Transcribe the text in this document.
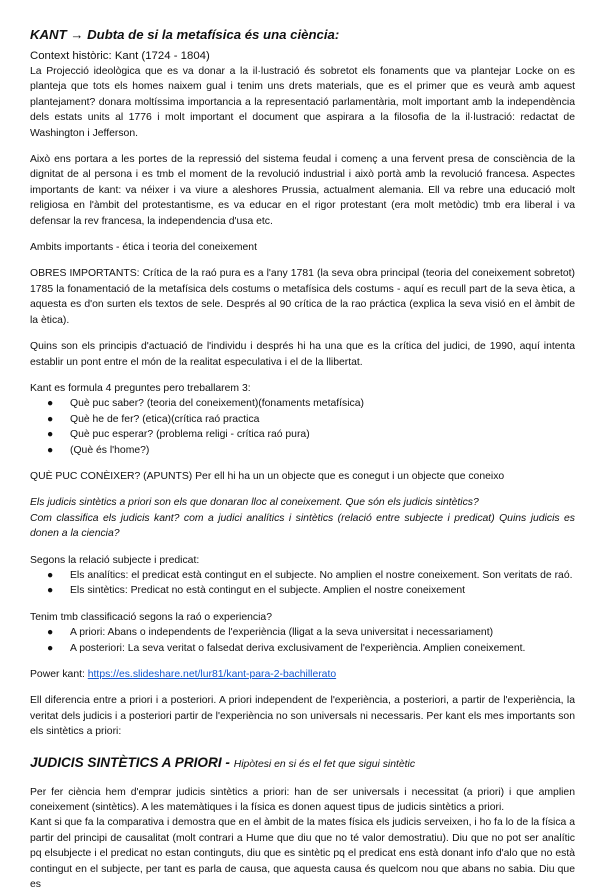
KANT → Dubta de si la metafísica és una ciència:

Context històric: Kant (1724 - 1804)

La Projecció ideològica que es va donar a la il·lustració és sobretot els fonaments que va plantejar Locke on es planteja que tots els homes naixem gual i tenim uns drets materials, que es el primer que es veurà amb aquest plantejament? donara moltíssima importancia a la representació parlamentària, molt important amb la independència dels estats units al 1776 i molt important el document que aspirara a la filosofia de la il·lustració: redactat de Washington i Jefferson.

Això ens portara a les portes de la repressió del sistema feudal i començ a una fervent presa de consciència de la dignitat de al persona i es tmb el moment de la revolució industrial i això portà amb la revolució francesa. Aspectes importants de kant: va néixer i va viure a aleshores Prussia, actualment alemania. Ell va rebre una educació molt religiosa en l'àmbit del protestantisme, es va educar en el rigor protestant (era molt metòdic) tmb era liberal i va defensar la rev francesa, la independencia d'usa etc.

Ambits importants - ética i teoria del coneixement

OBRES IMPORTANTS: Crítica de la raó pura es a l'any 1781 (la seva obra principal (teoria del coneixement sobretot) 1785 la fonamentació de la metafísica dels costums o metafísica dels costums - aquí es recull part de la seva ètica, a aquesta es d'on surten els textos de sele. Després al 90 crítica de la rao práctica (explica la seva visió en el àmbit de la ètica).

Quins son els principis d'actuació de l'individu i després hi ha una que es la crítica del judici, de 1990, aquí intenta establir un pont entre el món de la realitat especulativa i el de la llibertat.

Kant es formula 4 preguntes pero treballarem 3:

● Què puc saber? (teoria del coneixement)(fonaments metafísica)
● Què he de fer? (etica)(crítica raó practica
● Què puc esperar? (problema religi - crítica raó pura)
● (Què és l'home?)

QUÈ PUC CONÈIXER? (APUNTS) Per ell hi ha un un objecte que es conegut i un objecte que coneixo

Els judicis sintètics a priori son els que donaran lloc al coneixement. Que són els judicis sintètics?

Com classifica els judicis kant? com a judici analítics i sintètics (relació entre subjecte i predicat) Quins judicis es donen a la ciencia?

Segons la relació subjecte i predicat:

● Els analítics: el predicat està contingut en el subjecte. No amplien el nostre coneixement. Son veritats de raó.
● Els sintètics: Predicat no està contingut en el subjecte. Amplien el nostre coneixement

Tenim tmb classificació segons la raó o experiencia?

● A priori: Abans o independents de l'experiència (lligat a la seva universitat i necessariament)
● A posteriori: La seva veritat o falsedat deriva exclusivament de l'experiència. Amplien coneixement.

Power kant: https://es.slideshare.net/lur81/kant-para-2-bachillerato

Ell diferencia entre a priori i a posteriori. A priori independent de l'experiència, a posteriori, a partir de l'experiència, la veritat dels judicis i a posteriori partir de l'experiència no son universals ni necessaris. Per kant els mes importants son els sintètics a priori:

JUDICIS SINTÈTICS A PRIORI - Hipòtesi en si és el fet que sigui sintètic

Per fer ciència hem d'emprar judicis sintètics a priori: han de ser universals i necessitat (a priori) i que amplien coneixement (sintètics). A les matemàtiques i la física es donen aquest tipus de judicis sintètics a priori.

Kant si que fa la comparativa i demostra que en el àmbit de la mates física els judicis serveixen, i ho fa lo de la física a partir del principi de causalitat (molt contrari a Hume que diu que no té valor demostratiu). Diu que no pot ser analític pq elsubjecte i el predicat no estan continguts, diu que es sintètic pq el predicat ens està donant info d'alo que no està contingut en el subjecte, per tant es parla de causa, que aquesta causa és quelcom nou que abans no sabia. Diu que es
